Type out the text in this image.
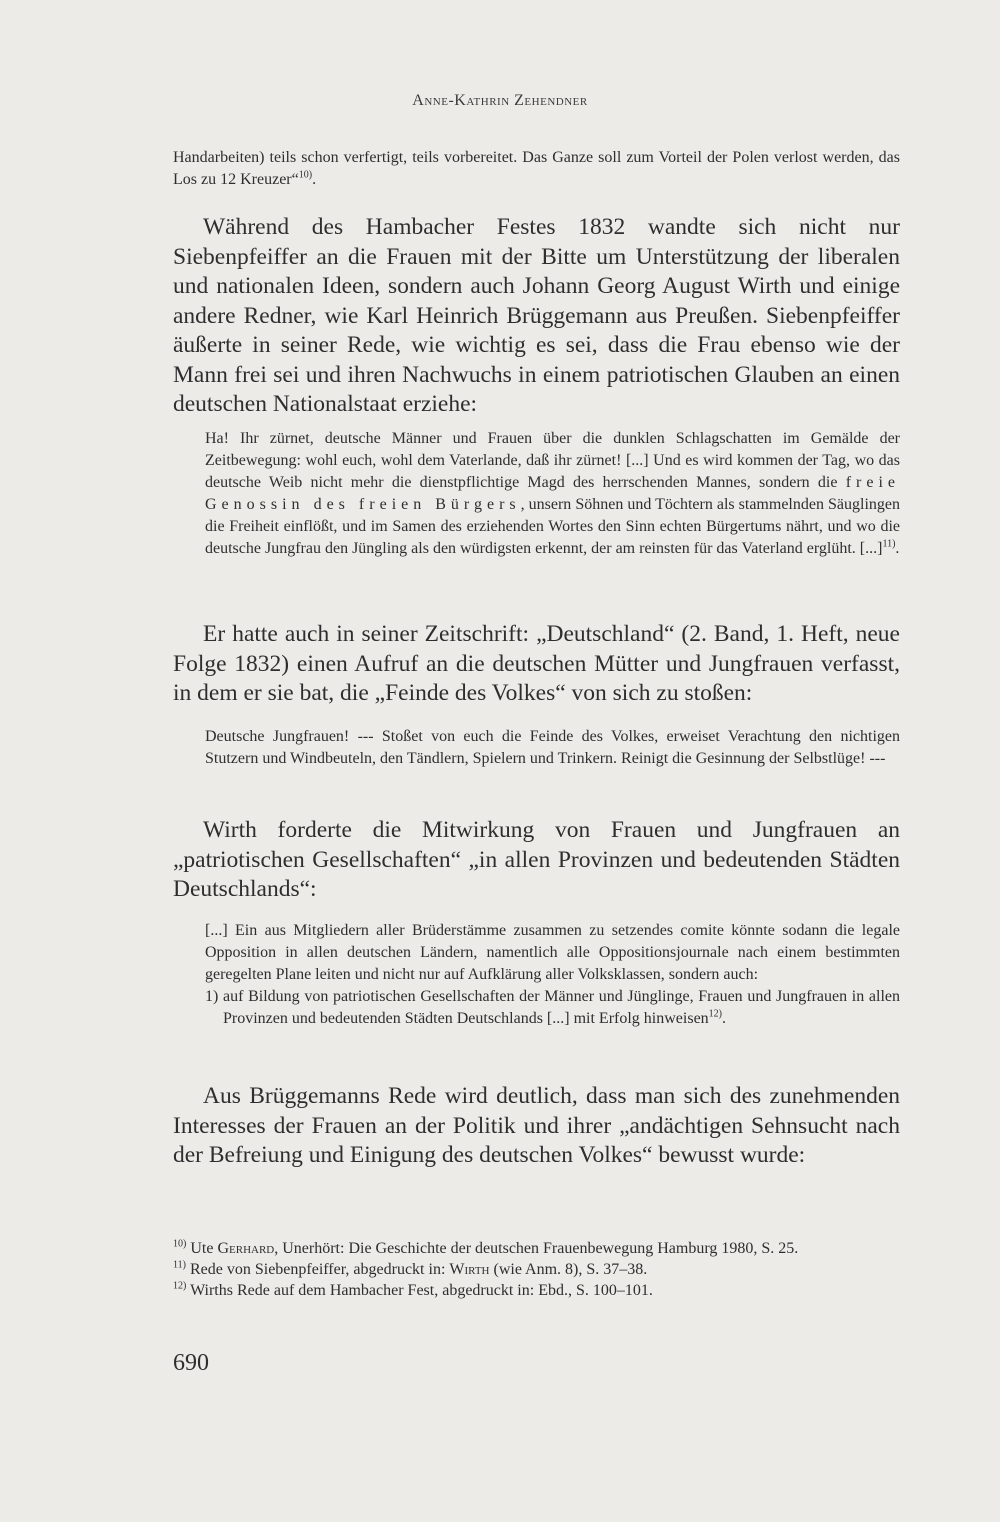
Anne-Kathrin Zehendner

Handarbeiten) teils schon verfertigt, teils vorbereitet. Das Ganze soll zum Vorteil der Polen verlost werden, das Los zu 12 Kreuzer“$^{10)}$.

Während des Hambacher Festes 1832 wandte sich nicht nur Siebenpfeiffer an die Frauen mit der Bitte um Unterstützung der liberalen und nationalen Ideen, sondern auch Johann Georg August Wirth und einige andere Redner, wie Karl Heinrich Brüggemann aus Preußen. Siebenpfeiffer äußerte in seiner Rede, wie wichtig es sei, dass die Frau ebenso wie der Mann frei sei und ihren Nachwuchs in einem patriotischen Glauben an einen deutschen Nationalstaat erziehe:

Ha! Ihr zürnet, deutsche Männer und Frauen über die dunklen Schlagschatten im Gemälde der Zeitbewegung: wohl euch, wohl dem Vaterlande, daß ihr zürnet! [...] Und es wird kommen der Tag, wo das deutsche Weib nicht mehr die dienstpflichtige Magd des herrschenden Mannes, sondern die freie Genossin des freien Bürgers, unsern Söhnen und Töchtern als stammelnden Säuglingen die Freiheit einflößt, und im Samen des erziehenden Wortes den Sinn echten Bürgertums nährt, und wo die deutsche Jungfrau den Jüngling als den würdigsten erkennt, der am reinsten für das Vaterland erglüht. [...]$^{11)}$.

Er hatte auch in seiner Zeitschrift: „Deutschland“ (2. Band, 1. Heft, neue Folge 1832) einen Aufruf an die deutschen Mütter und Jungfrauen verfasst, in dem er sie bat, die „Feinde des Volkes“ von sich zu stoßen:

Deutsche Jungfrauen! --- Stoßet von euch die Feinde des Volkes, erweiset Verachtung den nichtigen Stutzern und Windbeuteln, den Tändlern, Spielern und Trinkern. Reinigt die Gesinnung der Selbstlüge! ---

Wirth forderte die Mitwirkung von Frauen und Jungfrauen an „patriotischen Gesellschaften“ „in allen Provinzen und bedeutenden Städten Deutschlands“:

[...] Ein aus Mitgliedern aller Brüderstämme zusammen zu setzendes comite könnte sodann die legale Opposition in allen deutschen Ländern, namentlich alle Oppositionsjournale nach einem bestimmten geregelten Plane leiten und nicht nur auf Aufklärung aller Volksklassen, sondern auch:

1) auf Bildung von patriotischen Gesellschaften der Männer und Jünglinge, Frauen und Jungfrauen in allen Provinzen und bedeutenden Städten Deutschlands [...] mit Erfolg hinweisen$^{12)}$.

Aus Brüggemanns Rede wird deutlich, dass man sich des zunehmenden Interesses der Frauen an der Politik und ihrer „andächtigen Sehnsucht nach der Befreiung und Einigung des deutschen Volkes“ bewusst wurde:

$^{10)}$ Ute Gerhard, Unerhört: Die Geschichte der deutschen Frauenbewegung Hamburg 1980, S. 25.

$^{11)}$ Rede von Siebenpfeiffer, abgedruckt in: Wirth (wie Anm. 8), S. 37–38.

$^{12)}$ Wirths Rede auf dem Hambacher Fest, abgedruckt in: Ebd., S. 100–101.

690
